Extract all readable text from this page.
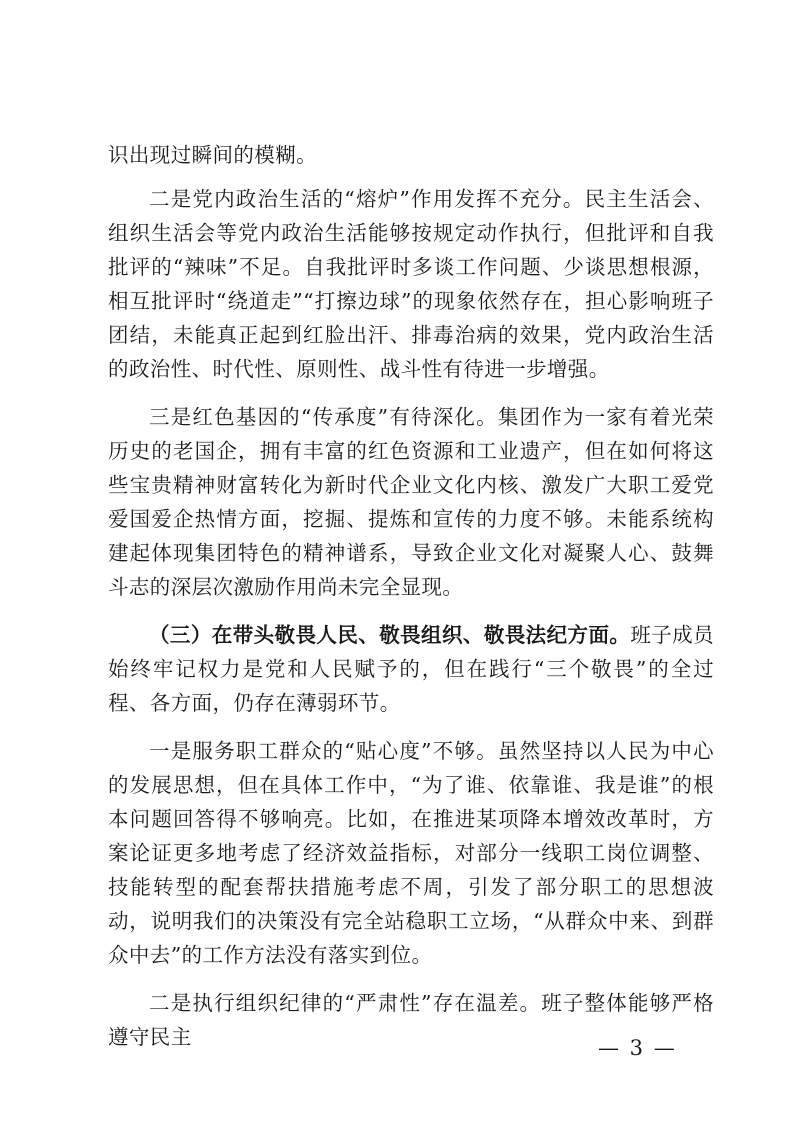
识出现过瞬间的模糊。

二是党内政治生活的“熔炉”作用发挥不充分。民主生活会、组织生活会等党内政治生活能够按规定动作执行，但批评和自我批评的“辣味”不足。自我批评时多谈工作问题、少谈思想根源，相互批评时“绕道走”“打擦边球”的现象依然存在，担心影响班子团结，未能真正起到红脸出汗、排毒治病的效果，党内政治生活的政治性、时代性、原则性、战斗性有待进一步增强。

三是红色基因的“传承度”有待深化。集团作为一家有着光荣历史的老国企，拥有丰富的红色资源和工业遗产，但在如何将这些宝贵精神财富转化为新时代企业文化内核、激发广大职工爱党爱国爱企热情方面，挖掘、提炼和宣传的力度不够。未能系统构建起体现集团特色的精神谱系，导致企业文化对凝聚人心、鼓舞斗志的深层次激励作用尚未完全显现。

（三）在带头敬畏人民、敬畏组织、敬畏法纪方面。班子成员始终牢记权力是党和人民赋予的，但在践行“三个敬畏”的全过程、各方面，仍存在薄弱环节。

一是服务职工群众的“贴心度”不够。虽然坚持以人民为中心的发展思想，但在具体工作中，“为了谁、依靠谁、我是谁”的根本问题回答得不够响亮。比如，在推进某项降本增效改革时，方案论证更多地考虑了经济效益指标，对部分一线职工岗位调整、技能转型的配套帮扶措施考虑不周，引发了部分职工的思想波动，说明我们的决策没有完全站稳职工立场，“从群众中来、到群众中去”的工作方法没有落实到位。

二是执行组织纪律的“严肃性”存在温差。班子整体能够严格遵守民主	— 3 —
